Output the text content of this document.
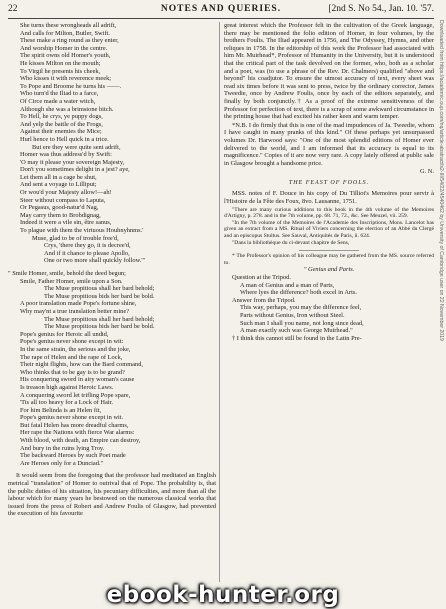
22	NOTES AND QUERIES.	[2nd S. No 54., Jan. 10. '57.
She turns these wrongheads all adrift,
And calls for Milton, Butler, Swift.
These make a ring round as they enter,
And worship Homer in the centre.
The spirit owns old Homer's youth,
He kisses Milton on the mouth;
To Virgil he presents his cheek,
Who kisses it with reverence meek;
To Pope and Broome he turns his ——.
Who turn'd the Iliad to a farce,
Of Circe made a water witch,
Although she was a brimstone bitch.
To Hell, he crys, ye puppy dogs,
And yelp the battle of the Frogs,
Against their enemies the Mice;
Hurl hence to Hell quick in a trice.
But ere they were quite sent adrift,
Homer was thus address'd by Swift:
'O may it please your sovereign Majesty,
Don't you sometimes delight in a jest? aye,
Let them all in a cage be shut,
And sent a voyage to Lilliput;
Or wou'd your Majesty allow!—ah!
Steer without compass to Laputa,
Or Pegasus, good-natur'd Nag,
May carry them to Brobdignag,
Indeed it were a vile sin, être sanus,
To plague with them the virtuous Houhnyhnms.'
Muse, glad to be of trouble free'd,
Crys, 'there they go, it is decree'd,
And if it chance to please Apollo,
One or two more shall quickly follow.'"
" Smile Homer, smile, behold the deed begun;
Smile, Father Homer, smile upon a Son.
The Muse propitious shall her bard behold;
The Muse propitious bids her bard be bold.
A poor translation made Pope's fortune shine,
Why may'nt a true translation better mine?
The Muse propitious shall her bard behold;
The Muse propitious bids her bard be bold.
Pope's genius for Heroic all undid,
Pope's genius never shone except in wit:
In the same strain, the serious and the joke,
The rape of Helen and the rape of Lock,
Their night flights, how can the Bard command,
Who thinks that to be gay is to be grand?
His conquering sword in airy woman's cause
Is treason high against Heroic Laws.
A conquering sword let trifling Pope spare,
'Tis all too heavy for a Lock of Hair.
For him Belinda is an Helen fit,
Pope's genius never shone except in wit.
But fatal Helen has more dreadful charms,
Her rape the Nations with fierce War alarms:
With blood, with death, an Empire can destroy,
And bury in the ruins lying Troy.
The backward Heroes by such Poet made
Are Heroes only for a Dunciad."

It would seem from the foregoing that the professor had meditated an English metrical "translation" of Homer to outrival that of Pope. The probability is, that the public duties of his situation, his pecuniary difficulties, and more than all the labour which for many years he bestowed on the numerous classical works that issued from the press of Robert and Andrew Foulis of Glasgow, had prevented the execution of his favourite

great interest which the Professor felt in the cultivation of the Greek language, there may be mentioned the folio edition of Homer, in four volumes, by the brothers Foulis. The Iliad appeared in 1756, and The Odyssey, Hymns, and other reliques in 1758. In the editorship of this work the Professor had associated with him Mr. Muirhead*, Professor of Humanity in the University, but it is understood that the critical part of the task devolved on the former, who, both as a scholar and a poet, was (to use a phrase of the Rev. Dr. Chalmers) qualified "above and beyond" his coadjutor. To ensure the utmost accuracy of text, every sheet was read six times before it was sent to press, twice by the ordinary corrector, James Tweedie, once by Andrew Foulis, once by each of the editors separately, and finally by both conjunctly.† As a proof of the extreme sensitiveness of the Professor for perfection of text, there is a scrap of some awkward circumstance in the printing house that had excited his rather keen and warm temper.

*N.B. I do firmly that this is one of the mad impudences of Ja. Tweedie, whom I have caught in many pranks of this kind." Of these perhaps yet unsurpassed volumes Dr. Harwood says: "One of the most splendid editions of Homer ever delivered to the world, and I am informed that its accuracy is equal to its magnificence." Copies of it are now very rare. A copy lately offered at public sale in Glasgow brought a handsome price.

G. N.
THE FEAST OF FOOLS.

MSS. notes of F. Douce in his copy of Du Tilliot's Memoires pour servir à l'Histoire de la Fête des Foux, 8vo. Lausanne, 1751.

"There are many curious additions to this book in the 4th volume of the Memoires d'Artigny, p. 278. and in the 7th volume, pp. 68. 71, 72., &c. See Meuzel, vii. 259.
"In the 7th volume of the Memoires de l'Academie des Inscriptions, Mons. Lancelot has given an extract from a MS. Ritual of Viviers concerning the election of an Abbé du Clergé and an episcopus Stultus. See Sauval, Antiquités de Paris, ii. 624.
"Dans la bibliothèque du ci-devant chapitre de Sens,
* The Professor's opinion of his colleague may be gathered from the MS. source referred to.
" Genius and Parts.
Question at the Tripod.
A man of Genius and a man of Parts,
Where lyes the difference? both excel in Arts.
Answer from the Tripod.
This way, perhaps, you may the difference feel,
Parts without Genius, Iron without Steel.
Such man I shall you name, not long since dead,
A man exactly such was George Muirhead."
† I think this cannot still be found in the Latin Pre-	Downloaded from https://academic.oup.com/nq/article-abstract/s2-III/54/22/4540462 by University of Cambridge user on 22 November 2019
ebook-hunter.org
